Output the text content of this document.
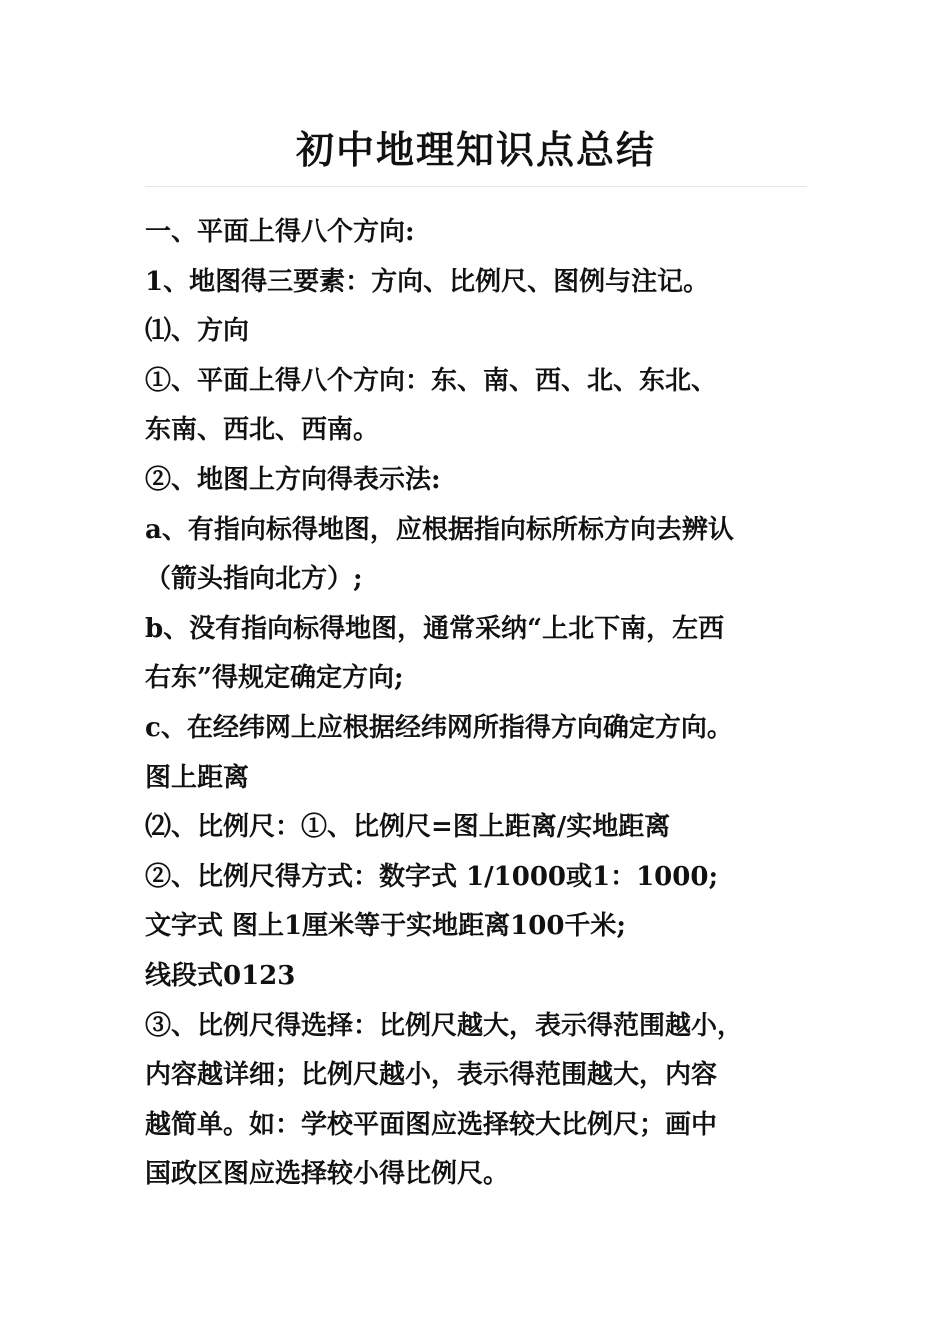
初中地理知识点总结
一、平面上得八个方向:
1、地图得三要素：方向、比例尺、图例与注记。
⑴、方向
①、平面上得八个方向：东、南、西、北、东北、
东南、西北、西南。
②、地图上方向得表示法:
a、有指向标得地图，应根据指向标所标方向去辨认
（箭头指向北方）;
b、没有指向标得地图，通常采纳“上北下南，左西
右东”得规定确定方向;
c、在经纬网上应根据经纬网所指得方向确定方向。
图上距离
⑵、比例尺：①、比例尺=图上距离/实地距离
②、比例尺得方式：数字式 1/1000或1：1000;
文字式 图上1厘米等于实地距离100千米;
线段式0123
③、比例尺得选择：比例尺越大，表示得范围越小，
内容越详细；比例尺越小，表示得范围越大，内容
越简单。如：学校平面图应选择较大比例尺；画中
国政区图应选择较小得比例尺。
